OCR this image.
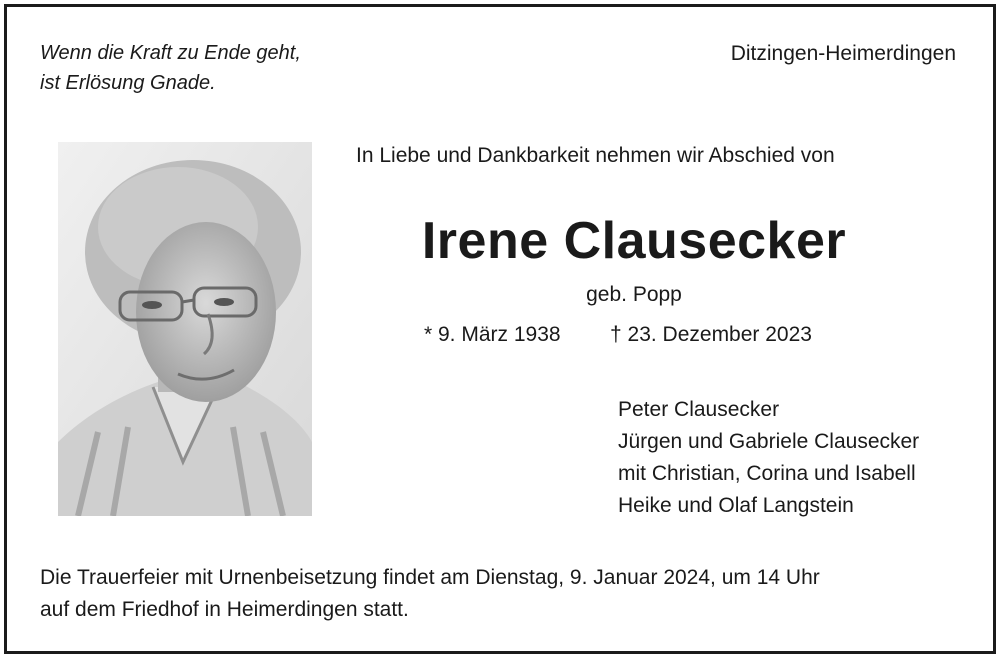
Wenn die Kraft zu Ende geht,
ist Erlösung Gnade.
Ditzingen-Heimerdingen
In Liebe und Dankbarkeit nehmen wir Abschied von
Irene Clausecker
geb. Popp
* 9. März 1938 † 23. Dezember 2023
Peter Clausecker
Jürgen und Gabriele Clausecker
mit Christian, Corina und Isabell
Heike und Olaf Langstein
Die Trauerfeier mit Urnenbeisetzung findet am Dienstag, 9. Januar 2024, um 14 Uhr
auf dem Friedhof in Heimerdingen statt.
